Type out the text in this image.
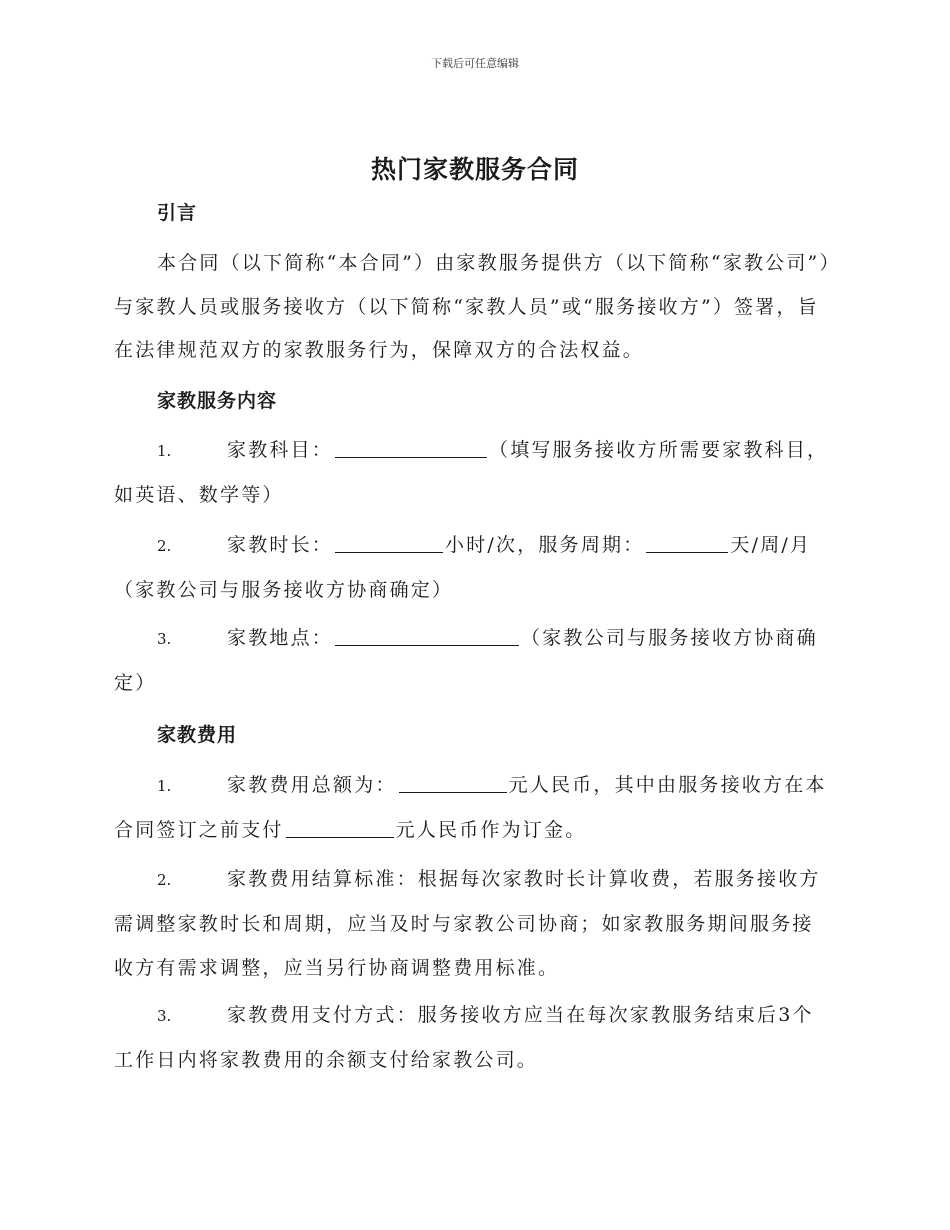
下载后可任意编辑
热门家教服务合同
引言
本合同（以下简称“本合同”）由家教服务提供方（以下简称“家教公司”）与家教人员或服务接收方（以下简称“家教人员”或“服务接收方”）签署，旨在法律规范双方的家教服务行为，保障双方的合法权益。
家教服务内容
1.	家教科目：	（填写服务接收方所需要家教科目，如英语、数学等）
2.	家教时长：	小时/次，服务周期：	天/周/月（家教公司与服务接收方协商确定）
3.	家教地点：	（家教公司与服务接收方协商确定）
家教费用
1.	家教费用总额为：	元人民币，其中由服务接收方在本合同签订之前支付	元人民币作为订金。
2.	家教费用结算标准：根据每次家教时长计算收费，若服务接收方需调整家教时长和周期，应当及时与家教公司协商；如家教服务期间服务接收方有需求调整，应当另行协商调整费用标准。
3.	家教费用支付方式：服务接收方应当在每次家教服务结束后3个工作日内将家教费用的余额支付给家教公司。
